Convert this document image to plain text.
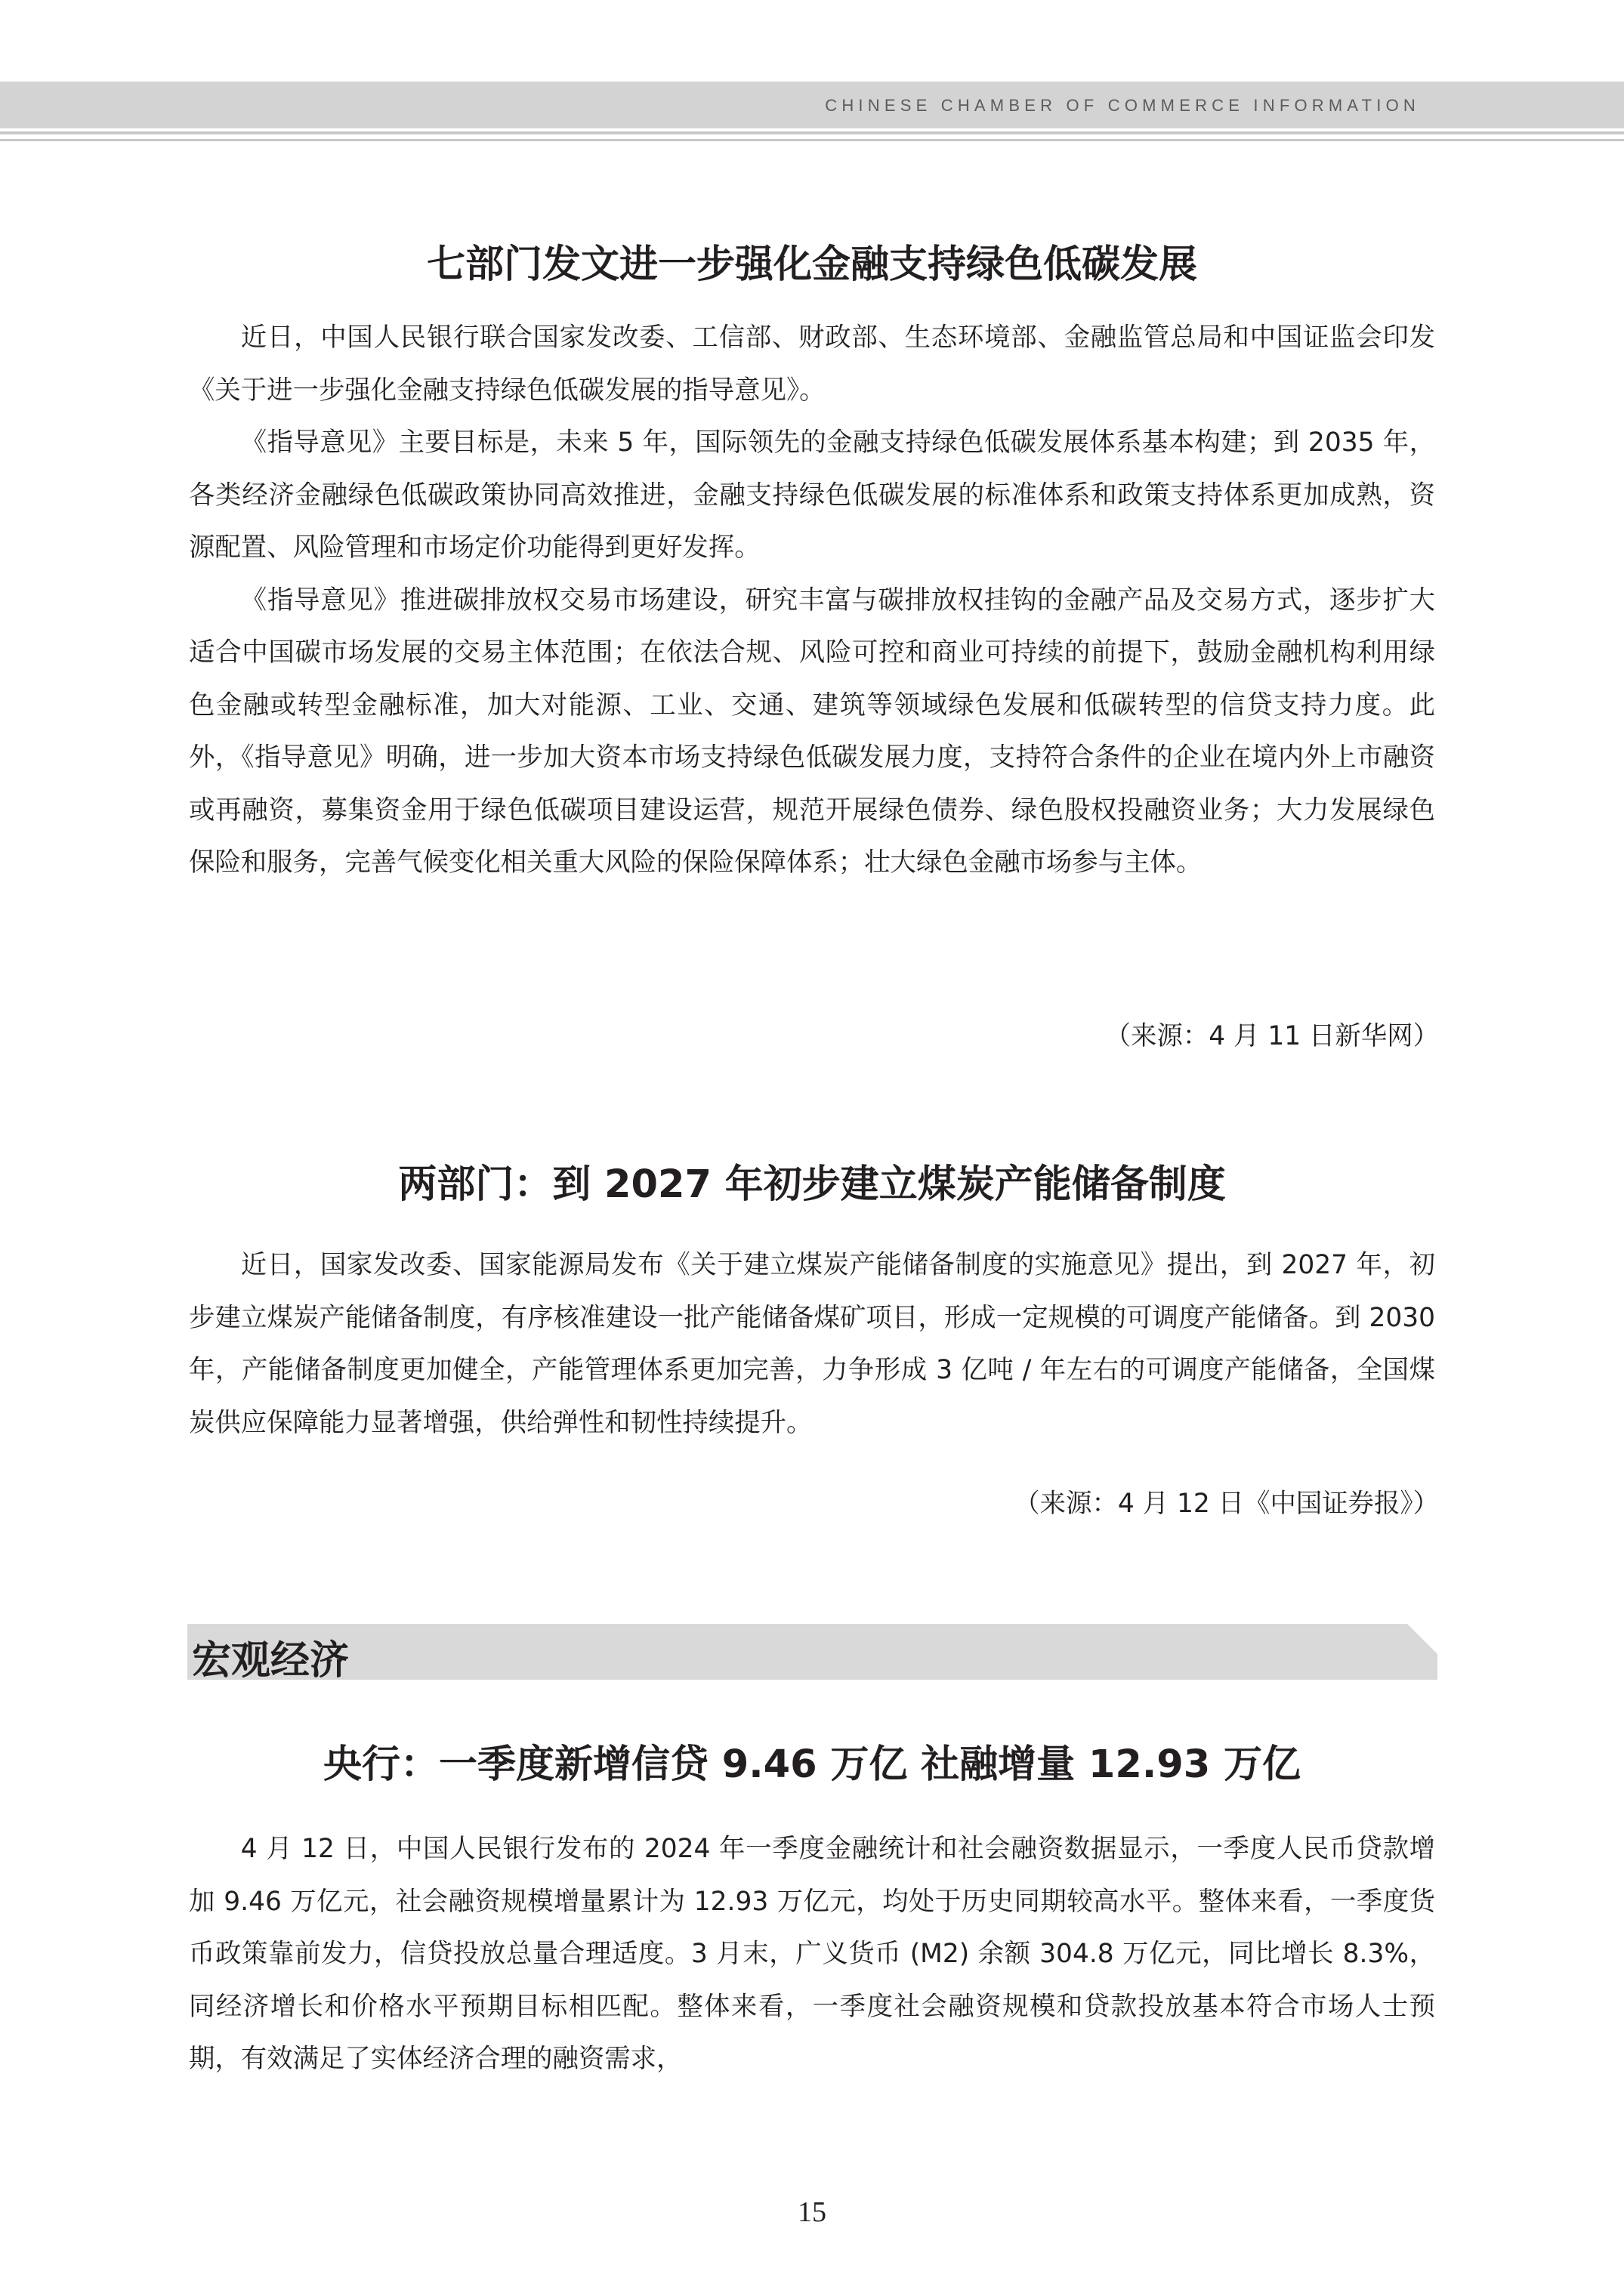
CHINESE CHAMBER OF COMMERCE INFORMATION
七部门发文进一步强化金融支持绿色低碳发展

近日，中国人民银行联合国家发改委、工信部、财政部、生态环境部、金融监管总局和中国证监会印发《关于进一步强化金融支持绿色低碳发展的指导意见》。

《指导意见》主要目标是，未来 5 年，国际领先的金融支持绿色低碳发展体系基本构建；到 2035 年，各类经济金融绿色低碳政策协同高效推进，金融支持绿色低碳发展的标准体系和政策支持体系更加成熟，资源配置、风险管理和市场定价功能得到更好发挥。

《指导意见》推进碳排放权交易市场建设，研究丰富与碳排放权挂钩的金融产品及交易方式，逐步扩大适合中国碳市场发展的交易主体范围；在依法合规、风险可控和商业可持续的前提下，鼓励金融机构利用绿色金融或转型金融标准，加大对能源、工业、交通、建筑等领域绿色发展和低碳转型的信贷支持力度。此外，《指导意见》明确，进一步加大资本市场支持绿色低碳发展力度，支持符合条件的企业在境内外上市融资或再融资，募集资金用于绿色低碳项目建设运营，规范开展绿色债券、绿色股权投融资业务；大力发展绿色保险和服务，完善气候变化相关重大风险的保险保障体系；壮大绿色金融市场参与主体。

（来源：4 月 11 日新华网）
两部门：到 2027 年初步建立煤炭产能储备制度

近日，国家发改委、国家能源局发布《关于建立煤炭产能储备制度的实施意见》提出，到 2027 年，初步建立煤炭产能储备制度，有序核准建设一批产能储备煤矿项目，形成一定规模的可调度产能储备。到 2030 年，产能储备制度更加健全，产能管理体系更加完善，力争形成 3 亿吨 / 年左右的可调度产能储备，全国煤炭供应保障能力显著增强，供给弹性和韧性持续提升。

（来源：4 月 12 日《中国证券报》）
宏观经济
央行：一季度新增信贷 9.46 万亿 社融增量 12.93 万亿

4 月 12 日，中国人民银行发布的 2024 年一季度金融统计和社会融资数据显示，一季度人民币贷款增加 9.46 万亿元，社会融资规模增量累计为 12.93 万亿元，均处于历史同期较高水平。整体来看，一季度货币政策靠前发力，信贷投放总量合理适度。3 月末，广义货币 (M2) 余额 304.8 万亿元，同比增长 8.3%，同经济增长和价格水平预期目标相匹配。整体来看，一季度社会融资规模和贷款投放基本符合市场人士预期，有效满足了实体经济合理的融资需求，

15
